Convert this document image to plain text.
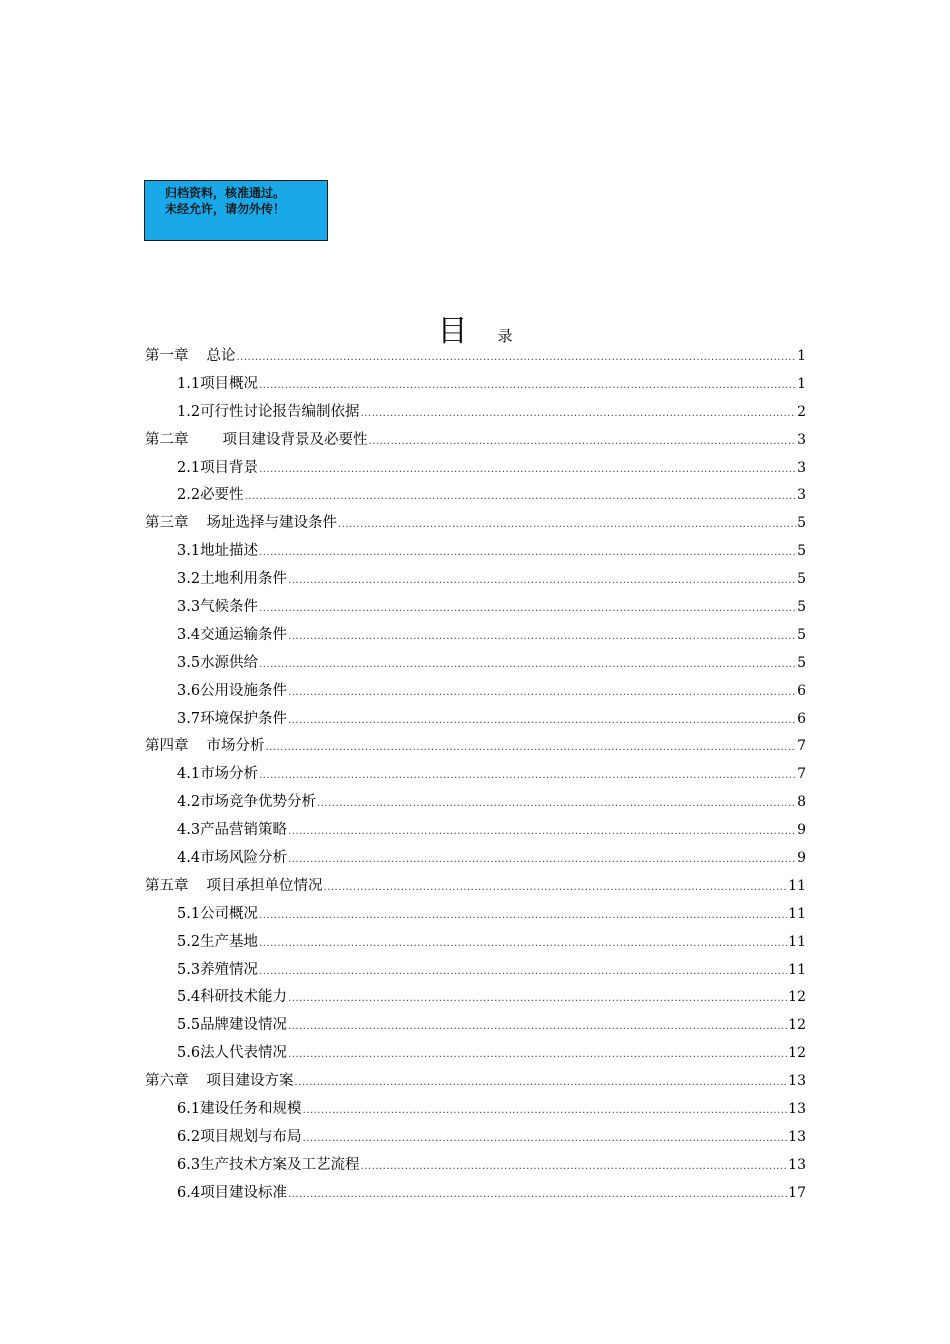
归档资料，核准通过。
未经允许，请勿外传！
目 录
第一章 总论 .....	1
1.1 项目概况 .....	1
1.2 可行性讨论报告编制依据 .....	2
第二章 项目建设背景及必要性 .....	3
2.1 项目背景 .....	3
2.2 必要性 .....	3
第三章 场址选择与建设条件 .....	5
3.1 地址描述 .....	5
3.2 土地利用条件 .....	5
3.3 气候条件 .....	5
3.4 交通运输条件 .....	5
3.5 水源供给 .....	5
3.6 公用设施条件 .....	6
3.7 环境保护条件 .....	6
第四章 市场分析 .....	7
4.1 市场分析 .....	7
4.2 市场竞争优势分析 .....	8
4.3 产品营销策略 .....	9
4.4 市场风险分析 .....	9
第五章 项目承担单位情况 .....	11
5.1 公司概况 .....	11
5.2 生产基地 .....	11
5.3 养殖情况 .....	11
5.4 科研技术能力 .....	12
5.5 品牌建设情况 .....	12
5.6 法人代表情况 .....	12
第六章 项目建设方案 .....	13
6.1 建设任务和规模 .....	13
6.2 项目规划与布局 .....	13
6.3 生产技术方案及工艺流程 .....	13
6.4 项目建设标准 .....	17
